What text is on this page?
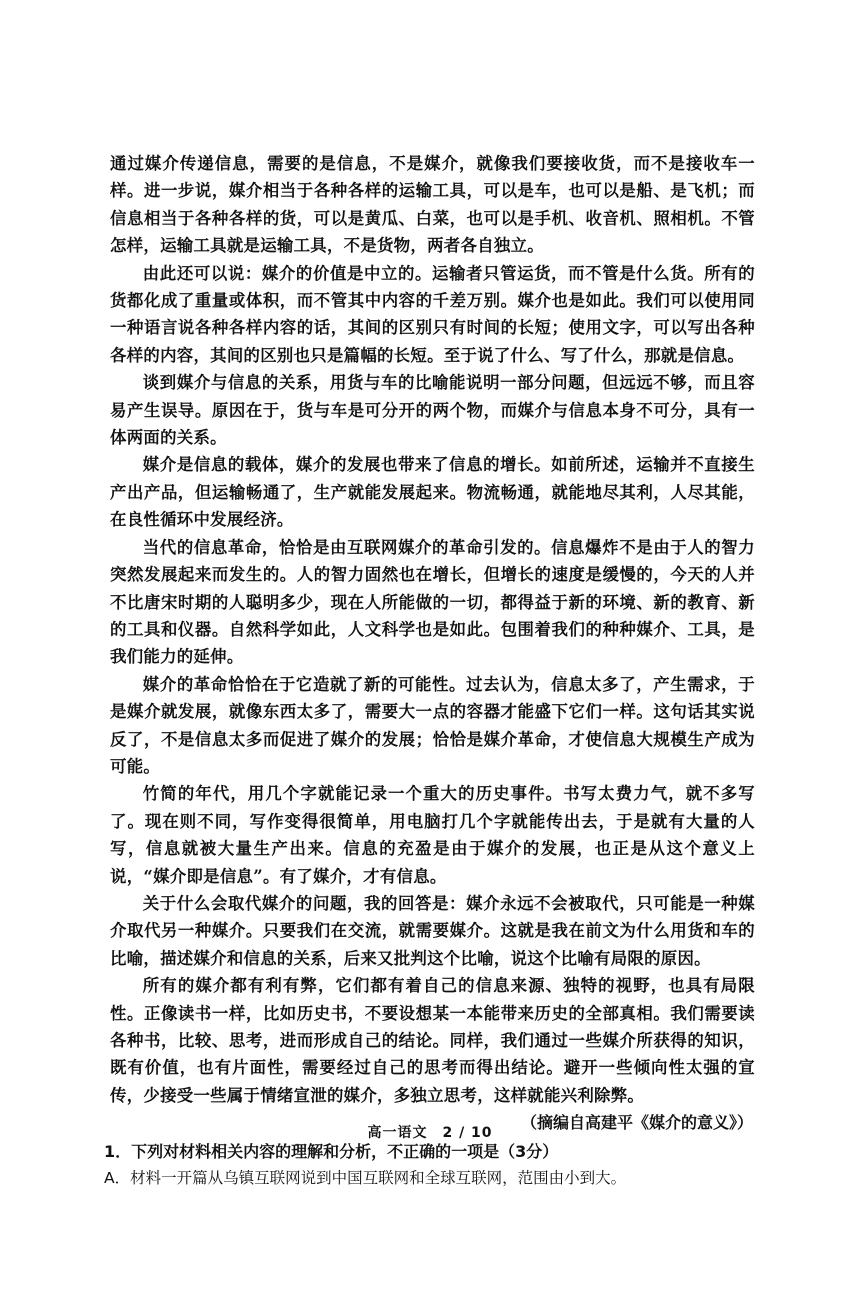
通过媒介传递信息，需要的是信息，不是媒介，就像我们要接收货，而不是接收车一样。进一步说，媒介相当于各种各样的运输工具，可以是车，也可以是船、是飞机；而信息相当于各种各样的货，可以是黄瓜、白菜，也可以是手机、收音机、照相机。不管怎样，运输工具就是运输工具，不是货物，两者各自独立。

由此还可以说：媒介的价值是中立的。运输者只管运货，而不管是什么货。所有的货都化成了重量或体积，而不管其中内容的千差万别。媒介也是如此。我们可以使用同一种语言说各种各样内容的话，其间的区别只有时间的长短；使用文字，可以写出各种各样的内容，其间的区别也只是篇幅的长短。至于说了什么、写了什么，那就是信息。

谈到媒介与信息的关系，用货与车的比喻能说明一部分问题，但远远不够，而且容易产生误导。原因在于，货与车是可分开的两个物，而媒介与信息本身不可分，具有一体两面的关系。

媒介是信息的载体，媒介的发展也带来了信息的增长。如前所述，运输并不直接生产出产品，但运输畅通了，生产就能发展起来。物流畅通，就能地尽其利，人尽其能，在良性循环中发展经济。

当代的信息革命，恰恰是由互联网媒介的革命引发的。信息爆炸不是由于人的智力突然发展起来而发生的。人的智力固然也在增长，但增长的速度是缓慢的，今天的人并不比唐宋时期的人聪明多少，现在人所能做的一切，都得益于新的环境、新的教育、新的工具和仪器。自然科学如此，人文科学也是如此。包围着我们的种种媒介、工具，是我们能力的延伸。

媒介的革命恰恰在于它造就了新的可能性。过去认为，信息太多了，产生需求，于是媒介就发展，就像东西太多了，需要大一点的容器才能盛下它们一样。这句话其实说反了，不是信息太多而促进了媒介的发展；恰恰是媒介革命，才使信息大规模生产成为可能。

竹简的年代，用几个字就能记录一个重大的历史事件。书写太费力气，就不多写了。现在则不同，写作变得很简单，用电脑打几个字就能传出去，于是就有大量的人写，信息就被大量生产出来。信息的充盈是由于媒介的发展，也正是从这个意义上说，“媒介即是信息”。有了媒介，才有信息。

关于什么会取代媒介的问题，我的回答是：媒介永远不会被取代，只可能是一种媒介取代另一种媒介。只要我们在交流，就需要媒介。这就是我在前文为什么用货和车的比喻，描述媒介和信息的关系，后来又批判这个比喻，说这个比喻有局限的原因。

所有的媒介都有利有弊，它们都有着自己的信息来源、独特的视野，也具有局限性。正像读书一样，比如历史书，不要设想某一本能带来历史的全部真相。我们需要读各种书，比较、思考，进而形成自己的结论。同样，我们通过一些媒介所获得的知识，既有价值，也有片面性，需要经过自己的思考而得出结论。避开一些倾向性太强的宣传，少接受一些属于情绪宣泄的媒介，多独立思考，这样就能兴利除弊。

（摘编自高建平《媒介的意义》）

1．下列对材料相关内容的理解和分析，不正确的一项是（3分）

A．材料一开篇从乌镇互联网说到中国互联网和全球互联网，范围由小到大。

高一语文　2 / 10
